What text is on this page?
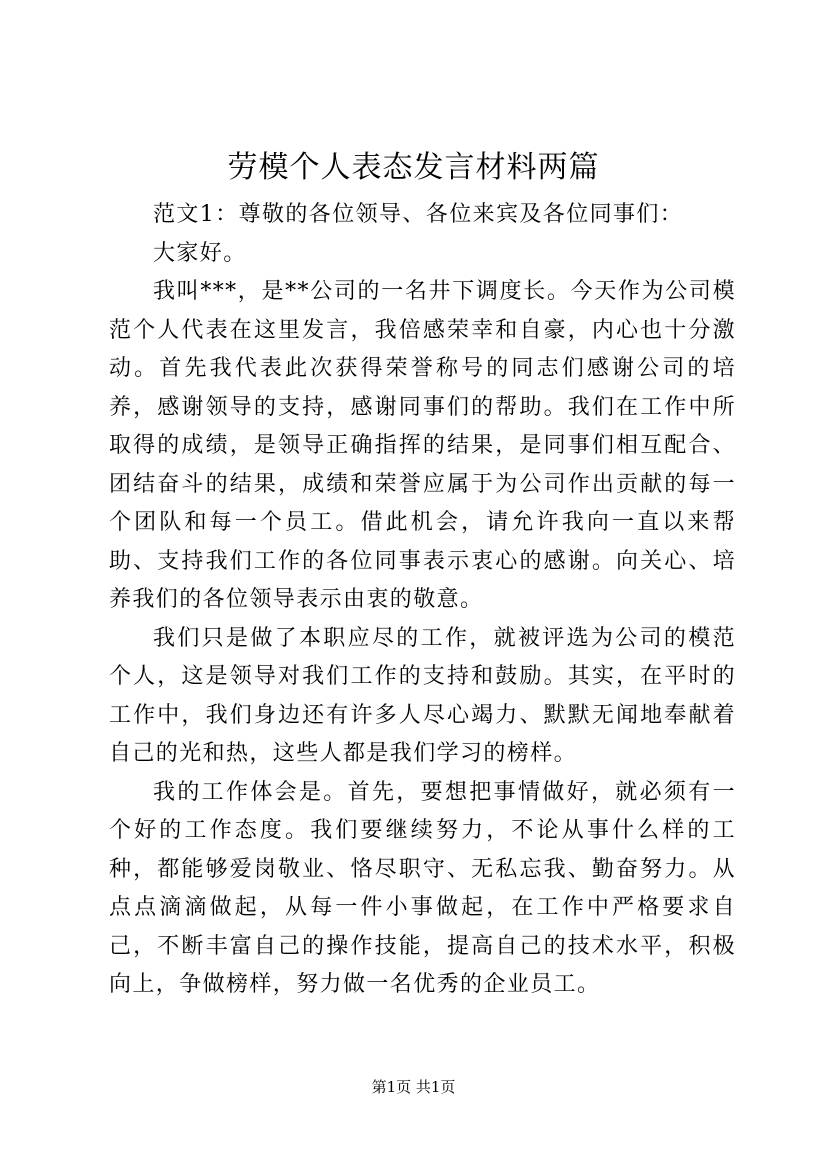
劳模个人表态发言材料两篇

范文1：尊敬的各位领导、各位来宾及各位同事们：

大家好。

我叫***，是**公司的一名井下调度长。今天作为公司模范个人代表在这里发言，我倍感荣幸和自豪，内心也十分激动。首先我代表此次获得荣誉称号的同志们感谢公司的培养，感谢领导的支持，感谢同事们的帮助。我们在工作中所取得的成绩，是领导正确指挥的结果，是同事们相互配合、团结奋斗的结果，成绩和荣誉应属于为公司作出贡献的每一个团队和每一个员工。借此机会，请允许我向一直以来帮助、支持我们工作的各位同事表示衷心的感谢。向关心、培养我们的各位领导表示由衷的敬意。

我们只是做了本职应尽的工作，就被评选为公司的模范个人，这是领导对我们工作的支持和鼓励。其实，在平时的工作中，我们身边还有许多人尽心竭力、默默无闻地奉献着自己的光和热，这些人都是我们学习的榜样。

我的工作体会是。首先，要想把事情做好，就必须有一个好的工作态度。我们要继续努力，不论从事什么样的工种，都能够爱岗敬业、恪尽职守、无私忘我、勤奋努力。从点点滴滴做起，从每一件小事做起，在工作中严格要求自己，不断丰富自己的操作技能，提高自己的技术水平，积极向上，争做榜样，努力做一名优秀的企业员工。

第1页 共1页
